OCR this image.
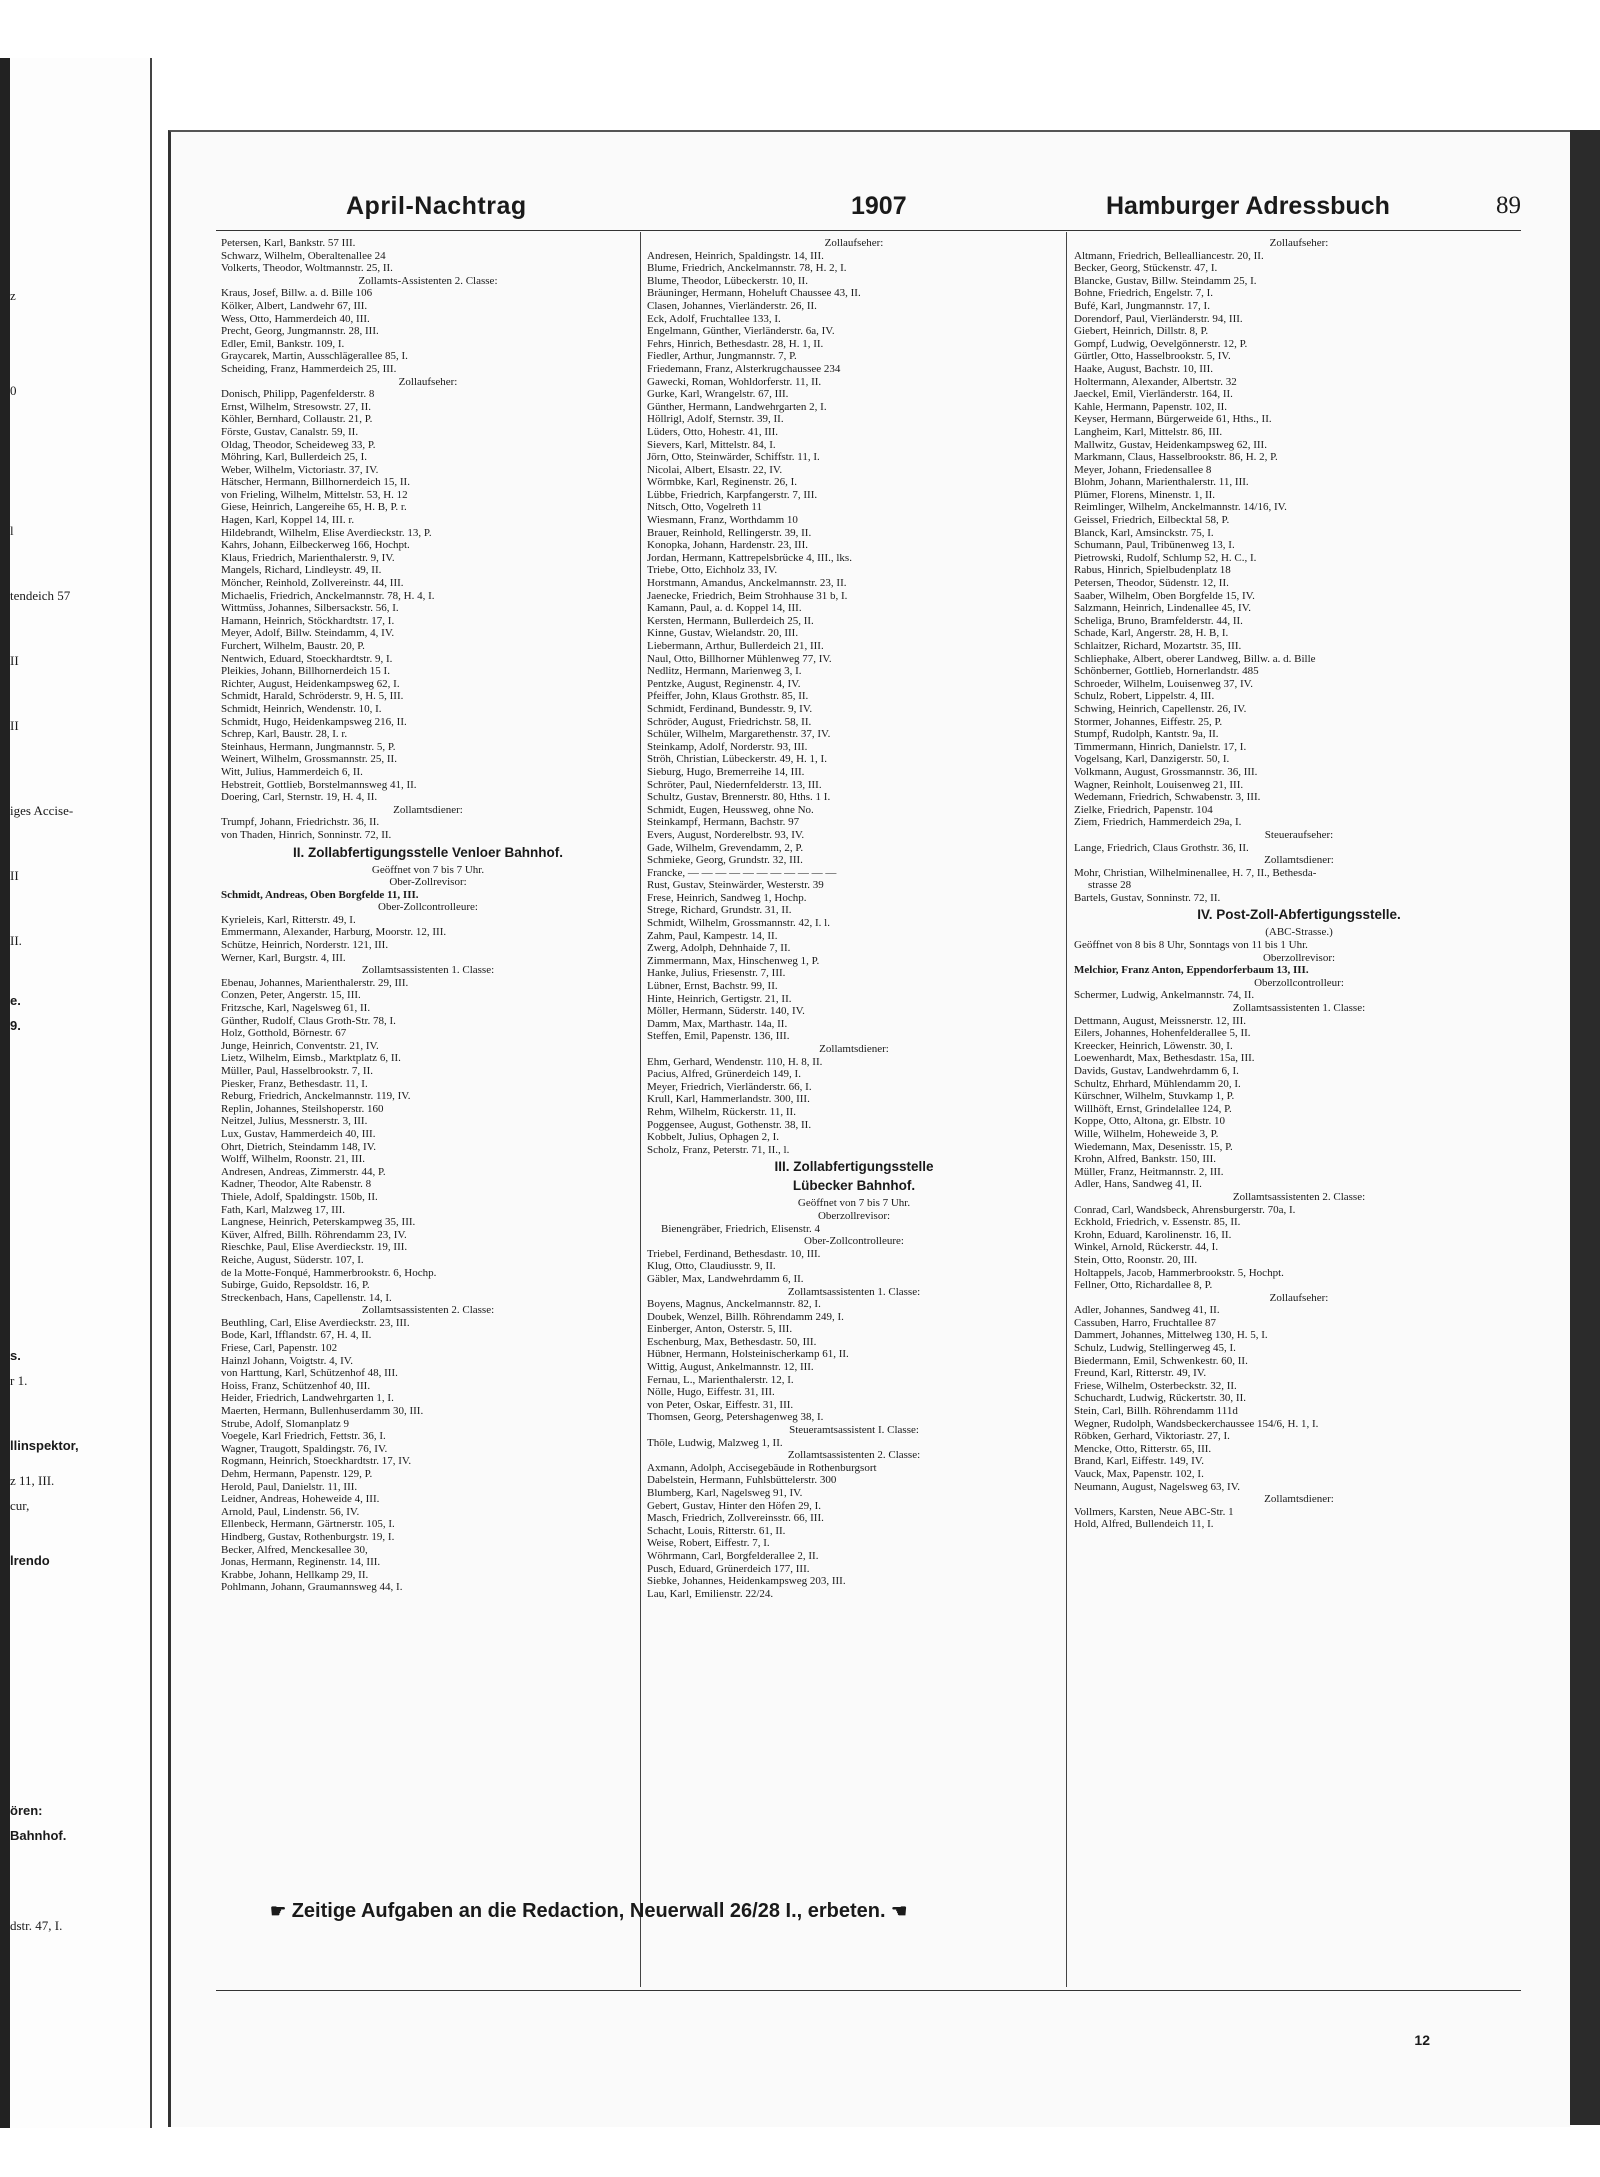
z
0
l
tendeich 57
II
II
iges Accise-
II
II.
e.
9.
s.
r 1.
llinspektor,
z 11, III.
cur,
lrendo
ören:
Bahnhof.
dstr. 47, I.
April-Nachtrag	1907	Hamburger Adressbuch	89
Petersen, Karl, Bankstr. 57 III.
Schwarz, Wilhelm, Oberaltenallee 24
Volkerts, Theodor, Woltmannstr. 25, II.
Zollamts-Assistenten 2. Classe:
Kraus, Josef, Billw. a. d. Bille 106
Kölker, Albert, Landwehr 67, III.
Wess, Otto, Hammerdeich 40, III.
Precht, Georg, Jungmannstr. 28, III.
Edler, Emil, Bankstr. 109, I.
Graycarek, Martin, Ausschlägerallee 85, I.
Scheiding, Franz, Hammerdeich 25, III.
Zollaufseher:
Donisch, Philipp, Pagenfelderstr. 8
Ernst, Wilhelm, Stresowstr. 27, II.
Köhler, Bernhard, Collaustr. 21, P.
Förste, Gustav, Canalstr. 59, II.
Oldag, Theodor, Scheideweg 33, P.
Möhring, Karl, Bullerdeich 25, I.
Weber, Wilhelm, Victoriastr. 37, IV.
Hätscher, Hermann, Billhornerdeich 15, II.
von Frieling, Wilhelm, Mittelstr. 53, H. 12
Giese, Heinrich, Langereihe 65, H. B, P. r.
Hagen, Karl, Koppel 14, III. r.
Hildebrandt, Wilhelm, Elise Averdieckstr. 13, P.
Kahrs, Johann, Eilbeckerweg 166, Hochpt.
Klaus, Friedrich, Marienthalerstr. 9, IV.
Mangels, Richard, Lindleystr. 49, II.
Möncher, Reinhold, Zollvereinstr. 44, III.
Michaelis, Friedrich, Anckelmannstr. 78, H. 4, I.
Wittmüss, Johannes, Silbersackstr. 56, I.
Hamann, Heinrich, Stöckhardtstr. 17, I.
Meyer, Adolf, Billw. Steindamm, 4, IV.
Furchert, Wilhelm, Baustr. 20, P.
Nentwich, Eduard, Stoeckhardtstr. 9, I.
Pleikies, Johann, Billhornerdeich 15 I.
Richter, August, Heidenkampsweg 62, I.
Schmidt, Harald, Schröderstr. 9, H. 5, III.
Schmidt, Heinrich, Wendenstr. 10, I.
Schmidt, Hugo, Heidenkampsweg 216, II.
Schrep, Karl, Baustr. 28, I. r.
Steinhaus, Hermann, Jungmannstr. 5, P.
Weinert, Wilhelm, Grossmannstr. 25, II.
Witt, Julius, Hammerdeich 6, II.
Hebstreit, Gottlieb, Borstelmannsweg 41, II.
Doering, Carl, Sternstr. 19, H. 4, II.
Zollamtsdiener:
Trumpf, Johann, Friedrichstr. 36, II.
von Thaden, Hinrich, Sonninstr. 72, II.
II. Zollabfertigungsstelle Venloer Bahnhof.
Geöffnet von 7 bis 7 Uhr.
Ober-Zollrevisor:
Schmidt, Andreas, Oben Borgfelde 11, III.
Ober-Zollcontrolleure:
Kyrieleis, Karl, Ritterstr. 49, I.
Emmermann, Alexander, Harburg, Moorstr. 12, III.
Schütze, Heinrich, Norderstr. 121, III.
Werner, Karl, Burgstr. 4, III.
Zollamtsassistenten 1. Classe:
Ebenau, Johannes, Marienthalerstr. 29, III.
Conzen, Peter, Angerstr. 15, III.
Fritzsche, Karl, Nagelsweg 61, II.
Günther, Rudolf, Claus Groth-Str. 78, I.
Holz, Gotthold, Börnestr. 67
Junge, Heinrich, Conventstr. 21, IV.
Lietz, Wilhelm, Eimsb., Marktplatz 6, II.
Müller, Paul, Hasselbrookstr. 7, II.
Piesker, Franz, Bethesdastr. 11, I.
Reburg, Friedrich, Anckelmannstr. 119, IV.
Replin, Johannes, Steilshoperstr. 160
Neitzel, Julius, Messnerstr. 3, III.
Lux, Gustav, Hammerdeich 40, III.
Ohrt, Dietrich, Steindamm 148, IV.
Wolff, Wilhelm, Roonstr. 21, III.
Andresen, Andreas, Zimmerstr. 44, P.
Kadner, Theodor, Alte Rabenstr. 8
Thiele, Adolf, Spaldingstr. 150b, II.
Fath, Karl, Malzweg 17, III.
Langnese, Heinrich, Peterskampweg 35, III.
Küver, Alfred, Billh. Röhrendamm 23, IV.
Rieschke, Paul, Elise Averdieckstr. 19, III.
Reiche, August, Süderstr. 107, I.
de la Motte-Fonqué, Hammerbrookstr. 6, Hochp.
Subirge, Guido, Repsoldstr. 16, P.
Streckenbach, Hans, Capellenstr. 14, I.
Zollamtsassistenten 2. Classe:
Beuthling, Carl, Elise Averdieckstr. 23, III.
Bode, Karl, Ifflandstr. 67, H. 4, II.
Friese, Carl, Papenstr. 102
Hainzl Johann, Voigtstr. 4, IV.
von Harttung, Karl, Schützenhof 48, III.
Hoiss, Franz, Schützenhof 40, III.
Heider, Friedrich, Landwehrgarten 1, I.
Maerten, Hermann, Bullenhuserdamm 30, III.
Strube, Adolf, Slomanplatz 9
Voegele, Karl Friedrich, Fettstr. 36, I.
Wagner, Traugott, Spaldingstr. 76, IV.
Rogmann, Heinrich, Stoeckhardtstr. 17, IV.
Dehm, Hermann, Papenstr. 129, P.
Herold, Paul, Danielstr. 11, III.
Leidner, Andreas, Hoheweide 4, III.
Arnold, Paul, Lindenstr. 56, IV.
Ellenbeck, Hermann, Gärtnerstr. 105, I.
Hindberg, Gustav, Rothenburgstr. 19, I.
Becker, Alfred, Menckesallee 30,
Jonas, Hermann, Reginenstr. 14, III.
Krabbe, Johann, Hellkamp 29, II.
Pohlmann, Johann, Graumannsweg 44, I.
Zollaufseher:
Andresen, Heinrich, Spaldingstr. 14, III.
Blume, Friedrich, Anckelmannstr. 78, H. 2, I.
Blume, Theodor, Lübeckerstr. 10, II.
Bräuninger, Hermann, Hoheluft Chaussee 43, II.
Clasen, Johannes, Vierländerstr. 26, II.
Eck, Adolf, Fruchtallee 133, I.
Engelmann, Günther, Vierländerstr. 6a, IV.
Fehrs, Hinrich, Bethesdastr. 28, H. 1, II.
Fiedler, Arthur, Jungmannstr. 7, P.
Friedemann, Franz, Alsterkrugchaussee 234
Gawecki, Roman, Wohldorferstr. 11, II.
Gurke, Karl, Wrangelstr. 67, III.
Günther, Hermann, Landwehrgarten 2, I.
Höllrigl, Adolf, Sternstr. 39, II.
Lüders, Otto, Hohestr. 41, III.
Sievers, Karl, Mittelstr. 84, I.
Jörn, Otto, Steinwärder, Schiffstr. 11, I.
Nicolai, Albert, Elsastr. 22, IV.
Wörmbke, Karl, Reginenstr. 26, I.
Lübbe, Friedrich, Karpfangerstr. 7, III.
Nitsch, Otto, Vogelreth 11
Wiesmann, Franz, Worthdamm 10
Brauer, Reinhold, Rellingerstr. 39, II.
Konopka, Johann, Hardenstr. 23, III.
Jordan, Hermann, Kattrepelsbrücke 4, III., lks.
Triebe, Otto, Eichholz 33, IV.
Horstmann, Amandus, Anckelmannstr. 23, II.
Jaenecke, Friedrich, Beim Strohhause 31 b, I.
Kamann, Paul, a. d. Koppel 14, III.
Kersten, Hermann, Bullerdeich 25, II.
Kinne, Gustav, Wielandstr. 20, III.
Liebermann, Arthur, Bullerdeich 21, III.
Naul, Otto, Billhorner Mühlenweg 77, IV.
Nedlitz, Hermann, Marienweg 3, I.
Pentzke, August, Reginenstr. 4, IV.
Pfeiffer, John, Klaus Grothstr. 85, II.
Schmidt, Ferdinand, Bundesstr. 9, IV.
Schröder, August, Friedrichstr. 58, II.
Schüler, Wilhelm, Margarethenstr. 37, IV.
Steinkamp, Adolf, Norderstr. 93, III.
Ströh, Christian, Lübeckerstr. 49, H. 1, I.
Sieburg, Hugo, Bremerreihe 14, III.
Schröter, Paul, Niedernfelderstr. 13, III.
Schultz, Gustav, Brennerstr. 80, Hths. 1 I.
Schmidt, Eugen, Heussweg, ohne No.
Steinkampf, Hermann, Bachstr. 97
Evers, August, Norderelbstr. 93, IV.
Gade, Wilhelm, Grevendamm, 2, P.
Schmieke, Georg, Grundstr. 32, III.
Francke, — — — — — — — — — — —
Rust, Gustav, Steinwärder, Westerstr. 39
Frese, Heinrich, Sandweg 1, Hochp.
Strege, Richard, Grundstr. 31, II.
Schmidt, Wilhelm, Grossmannstr. 42, I. l.
Zahm, Paul, Kampestr. 14, II.
Zwerg, Adolph, Dehnhaide 7, II.
Zimmermann, Max, Hinschenweg 1, P.
Hanke, Julius, Friesenstr. 7, III.
Lübner, Ernst, Bachstr. 99, II.
Hinte, Heinrich, Gertigstr. 21, II.
Möller, Hermann, Süderstr. 140, IV.
Damm, Max, Marthastr. 14a, II.
Steffen, Emil, Papenstr. 136, III.
Zollamtsdiener:
Ehm, Gerhard, Wendenstr. 110, H. 8, II.
Pacius, Alfred, Grünerdeich 149, I.
Meyer, Friedrich, Vierländerstr. 66, I.
Krull, Karl, Hammerlandstr. 300, III.
Rehm, Wilhelm, Rückerstr. 11, II.
Poggensee, August, Gothenstr. 38, II.
Kobbelt, Julius, Ophagen 2, I.
Scholz, Franz, Peterstr. 71, II., l.
III. Zollabfertigungsstelle
Lübecker Bahnhof.
Geöffnet von 7 bis 7 Uhr.
Oberzollrevisor:
Bienengräber, Friedrich, Elisenstr. 4
Ober-Zollcontrolleure:
Triebel, Ferdinand, Bethesdastr. 10, III.
Klug, Otto, Claudiusstr. 9, II.
Gäbler, Max, Landwehrdamm 6, II.
Zollamtsassistenten 1. Classe:
Boyens, Magnus, Anckelmannstr. 82, I.
Doubek, Wenzel, Billh. Röhrendamm 249, I.
Einberger, Anton, Osterstr. 5, III.
Eschenburg, Max, Bethesdastr. 50, III.
Hübner, Hermann, Holsteinischerkamp 61, II.
Wittig, August, Ankelmannstr. 12, III.
Fernau, L., Marienthalerstr. 12, I.
Nölle, Hugo, Eiffestr. 31, III.
von Peter, Oskar, Eiffestr. 31, III.
Thomsen, Georg, Petershagenweg 38, I.
Steueramtsassistent I. Classe:
Thöle, Ludwig, Malzweg 1, II.
Zollamtsassistenten 2. Classe:
Axmann, Adolph, Accisegebäude in Rothenburgsort
Dabelstein, Hermann, Fuhlsbüttelerstr. 300
Blumberg, Karl, Nagelsweg 91, IV.
Gebert, Gustav, Hinter den Höfen 29, I.
Masch, Friedrich, Zollvereinsstr. 66, III.
Schacht, Louis, Ritterstr. 61, II.
Weise, Robert, Eiffestr. 7, I.
Wöhrmann, Carl, Borgfelderallee 2, II.
Pusch, Eduard, Grünerdeich 177, III.
Siebke, Johannes, Heidenkampsweg 203, III.
Lau, Karl, Emilienstr. 22/24.
Zollaufseher:
Altmann, Friedrich, Bellealliancestr. 20, II.
Becker, Georg, Stückenstr. 47, I.
Blancke, Gustav, Billw. Steindamm 25, I.
Bohne, Friedrich, Engelstr. 7, I.
Bufé, Karl, Jungmannstr. 17, I.
Dorendorf, Paul, Vierländerstr. 94, III.
Giebert, Heinrich, Dillstr. 8, P.
Gompf, Ludwig, Oevelgönnerstr. 12, P.
Gürtler, Otto, Hasselbrookstr. 5, IV.
Haake, August, Bachstr. 10, III.
Holtermann, Alexander, Albertstr. 32
Jaeckel, Emil, Vierländerstr. 164, II.
Kahle, Hermann, Papenstr. 102, II.
Keyser, Hermann, Bürgerweide 61, Hths., II.
Langheim, Karl, Mittelstr. 86, III.
Mallwitz, Gustav, Heidenkampsweg 62, III.
Markmann, Claus, Hasselbrookstr. 86, H. 2, P.
Meyer, Johann, Friedensallee 8
Blohm, Johann, Marienthalerstr. 11, III.
Plümer, Florens, Minenstr. 1, II.
Reimlinger, Wilhelm, Anckelmannstr. 14/16, IV.
Geissel, Friedrich, Eilbecktal 58, P.
Blanck, Karl, Amsinckstr. 75, I.
Schumann, Paul, Tribünenweg 13, I.
Pietrowski, Rudolf, Schlump 52, H. C., I.
Rabus, Hinrich, Spielbudenplatz 18
Petersen, Theodor, Südenstr. 12, II.
Saaber, Wilhelm, Oben Borgfelde 15, IV.
Salzmann, Heinrich, Lindenallee 45, IV.
Scheliga, Bruno, Bramfelderstr. 44, II.
Schade, Karl, Angerstr. 28, H. B, I.
Schlaitzer, Richard, Mozartstr. 35, III.
Schliephake, Albert, oberer Landweg, Billw. a. d. Bille
Schönberner, Gottlieb, Hornerlandstr. 485
Schroeder, Wilhelm, Louisenweg 37, IV.
Schulz, Robert, Lippelstr. 4, III.
Schwing, Heinrich, Capellenstr. 26, IV.
Stormer, Johannes, Eiffestr. 25, P.
Stumpf, Rudolph, Kantstr. 9a, II.
Timmermann, Hinrich, Danielstr. 17, I.
Vogelsang, Karl, Danzigerstr. 50, I.
Volkmann, August, Grossmannstr. 36, III.
Wagner, Reinholt, Louisenweg 21, III.
Wedemann, Friedrich, Schwabenstr. 3, III.
Zielke, Friedrich, Papenstr. 104
Ziem, Friedrich, Hammerdeich 29a, I.
Steueraufseher:
Lange, Friedrich, Claus Grothstr. 36, II.
Zollamtsdiener:
Mohr, Christian, Wilhelminenallee, H. 7, II., Bethesda-
strasse 28
Bartels, Gustav, Sonninstr. 72, II.
IV. Post-Zoll-Abfertigungsstelle.
(ABC-Strasse.)
Geöffnet von 8 bis 8 Uhr, Sonntags von 11 bis 1 Uhr.
Oberzollrevisor:
Melchior, Franz Anton, Eppendorferbaum 13, III.
Oberzollcontrolleur:
Schermer, Ludwig, Ankelmannstr. 74, II.
Zollamtsassistenten 1. Classe:
Dettmann, August, Meissnerstr. 12, III.
Eilers, Johannes, Hohenfelderallee 5, II.
Kreecker, Heinrich, Löwenstr. 30, I.
Loewenhardt, Max, Bethesdastr. 15a, III.
Davids, Gustav, Landwehrdamm 6, I.
Schultz, Ehrhard, Mühlendamm 20, I.
Kürschner, Wilhelm, Stuvkamp 1, P.
Willhöft, Ernst, Grindelallee 124, P.
Koppe, Otto, Altona, gr. Elbstr. 10
Wille, Wilhelm, Hoheweide 3, P.
Wiedemann, Max, Desenisstr. 15, P.
Krohn, Alfred, Bankstr. 150, III.
Müller, Franz, Heitmannstr. 2, III.
Adler, Hans, Sandweg 41, II.
Zollamtsassistenten 2. Classe:
Conrad, Carl, Wandsbeck, Ahrensburgerstr. 70a, I.
Eckhold, Friedrich, v. Essenstr. 85, II.
Krohn, Eduard, Karolinenstr. 16, II.
Winkel, Arnold, Rückerstr. 44, I.
Stein, Otto, Roonstr. 20, III.
Holtappels, Jacob, Hammerbrookstr. 5, Hochpt.
Fellner, Otto, Richardallee 8, P.
Zollaufseher:
Adler, Johannes, Sandweg 41, II.
Cassuben, Harro, Fruchtallee 87
Dammert, Johannes, Mittelweg 130, H. 5, I.
Schulz, Ludwig, Stellingerweg 45, I.
Biedermann, Emil, Schwenkestr. 60, II.
Freund, Karl, Ritterstr. 49, IV.
Friese, Wilhelm, Osterbeckstr. 32, II.
Schuchardt, Ludwig, Rückertstr. 30, II.
Stein, Carl, Billh. Röhrendamm 111d
Wegner, Rudolph, Wandsbeckerchaussee 154/6, H. 1, I.
Röbken, Gerhard, Viktoriastr. 27, I.
Mencke, Otto, Ritterstr. 65, III.
Brand, Karl, Eiffestr. 149, IV.
Vauck, Max, Papenstr. 102, I.
Neumann, August, Nagelsweg 63, IV.
Zollamtsdiener:
Vollmers, Karsten, Neue ABC-Str. 1
Hold, Alfred, Bullendeich 11, I.
☛ Zeitige Aufgaben an die Redaction, Neuerwall 26/28 I., erbeten. ☚
12
